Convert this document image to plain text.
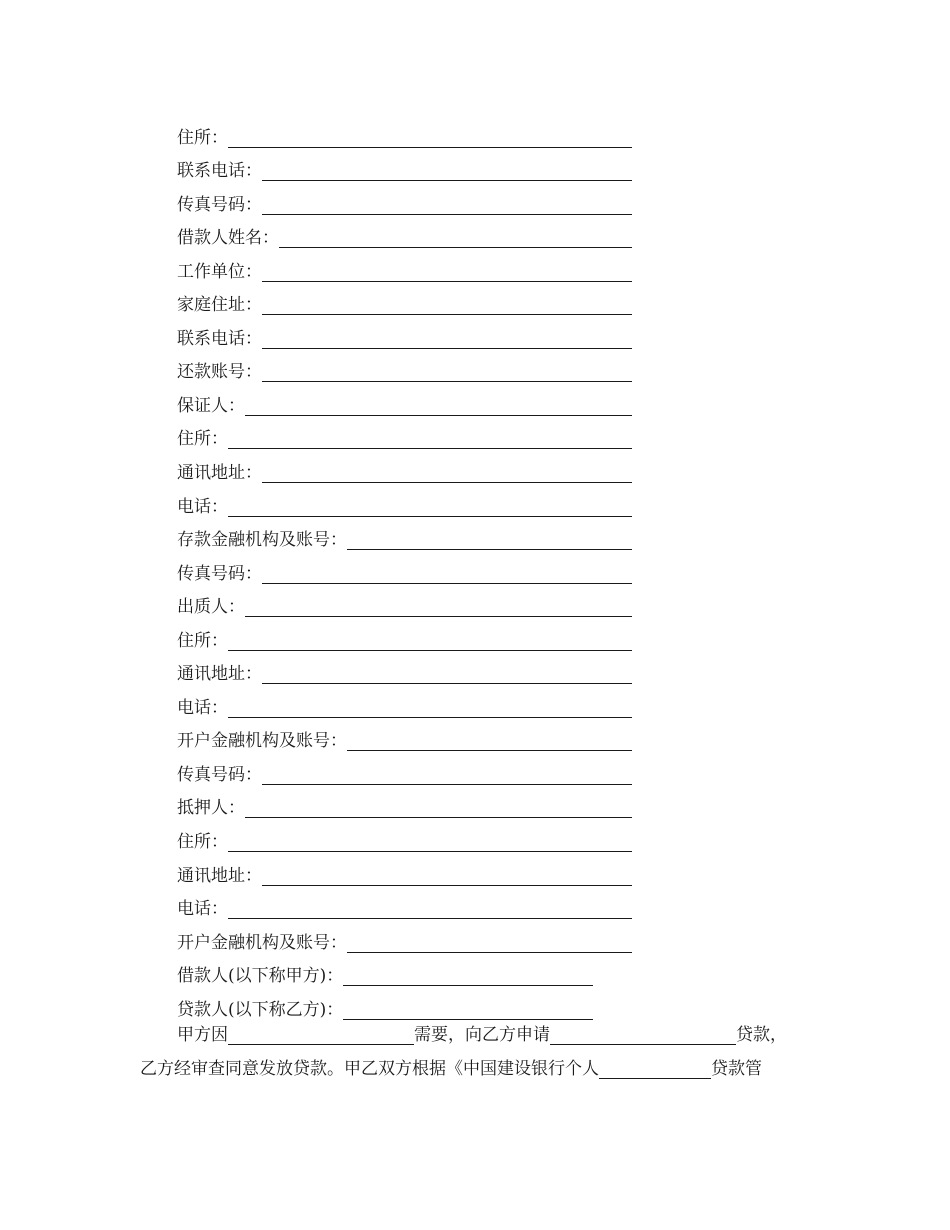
住所：
联系电话：
传真号码：
借款人姓名：
工作单位：
家庭住址：
联系电话：
还款账号：
保证人：
住所：
通讯地址：
电话：
存款金融机构及账号：
传真号码：
出质人：
住所：
通讯地址：
电话：
开户金融机构及账号：
传真号码：
抵押人：
住所：
通讯地址：
电话：
开户金融机构及账号：
借款人(以下称甲方)：
贷款人(以下称乙方)：
甲方因	需要，向乙方申请	贷款，
乙方经审查同意发放贷款。甲乙双方根据《中国建设银行个人	贷款管
